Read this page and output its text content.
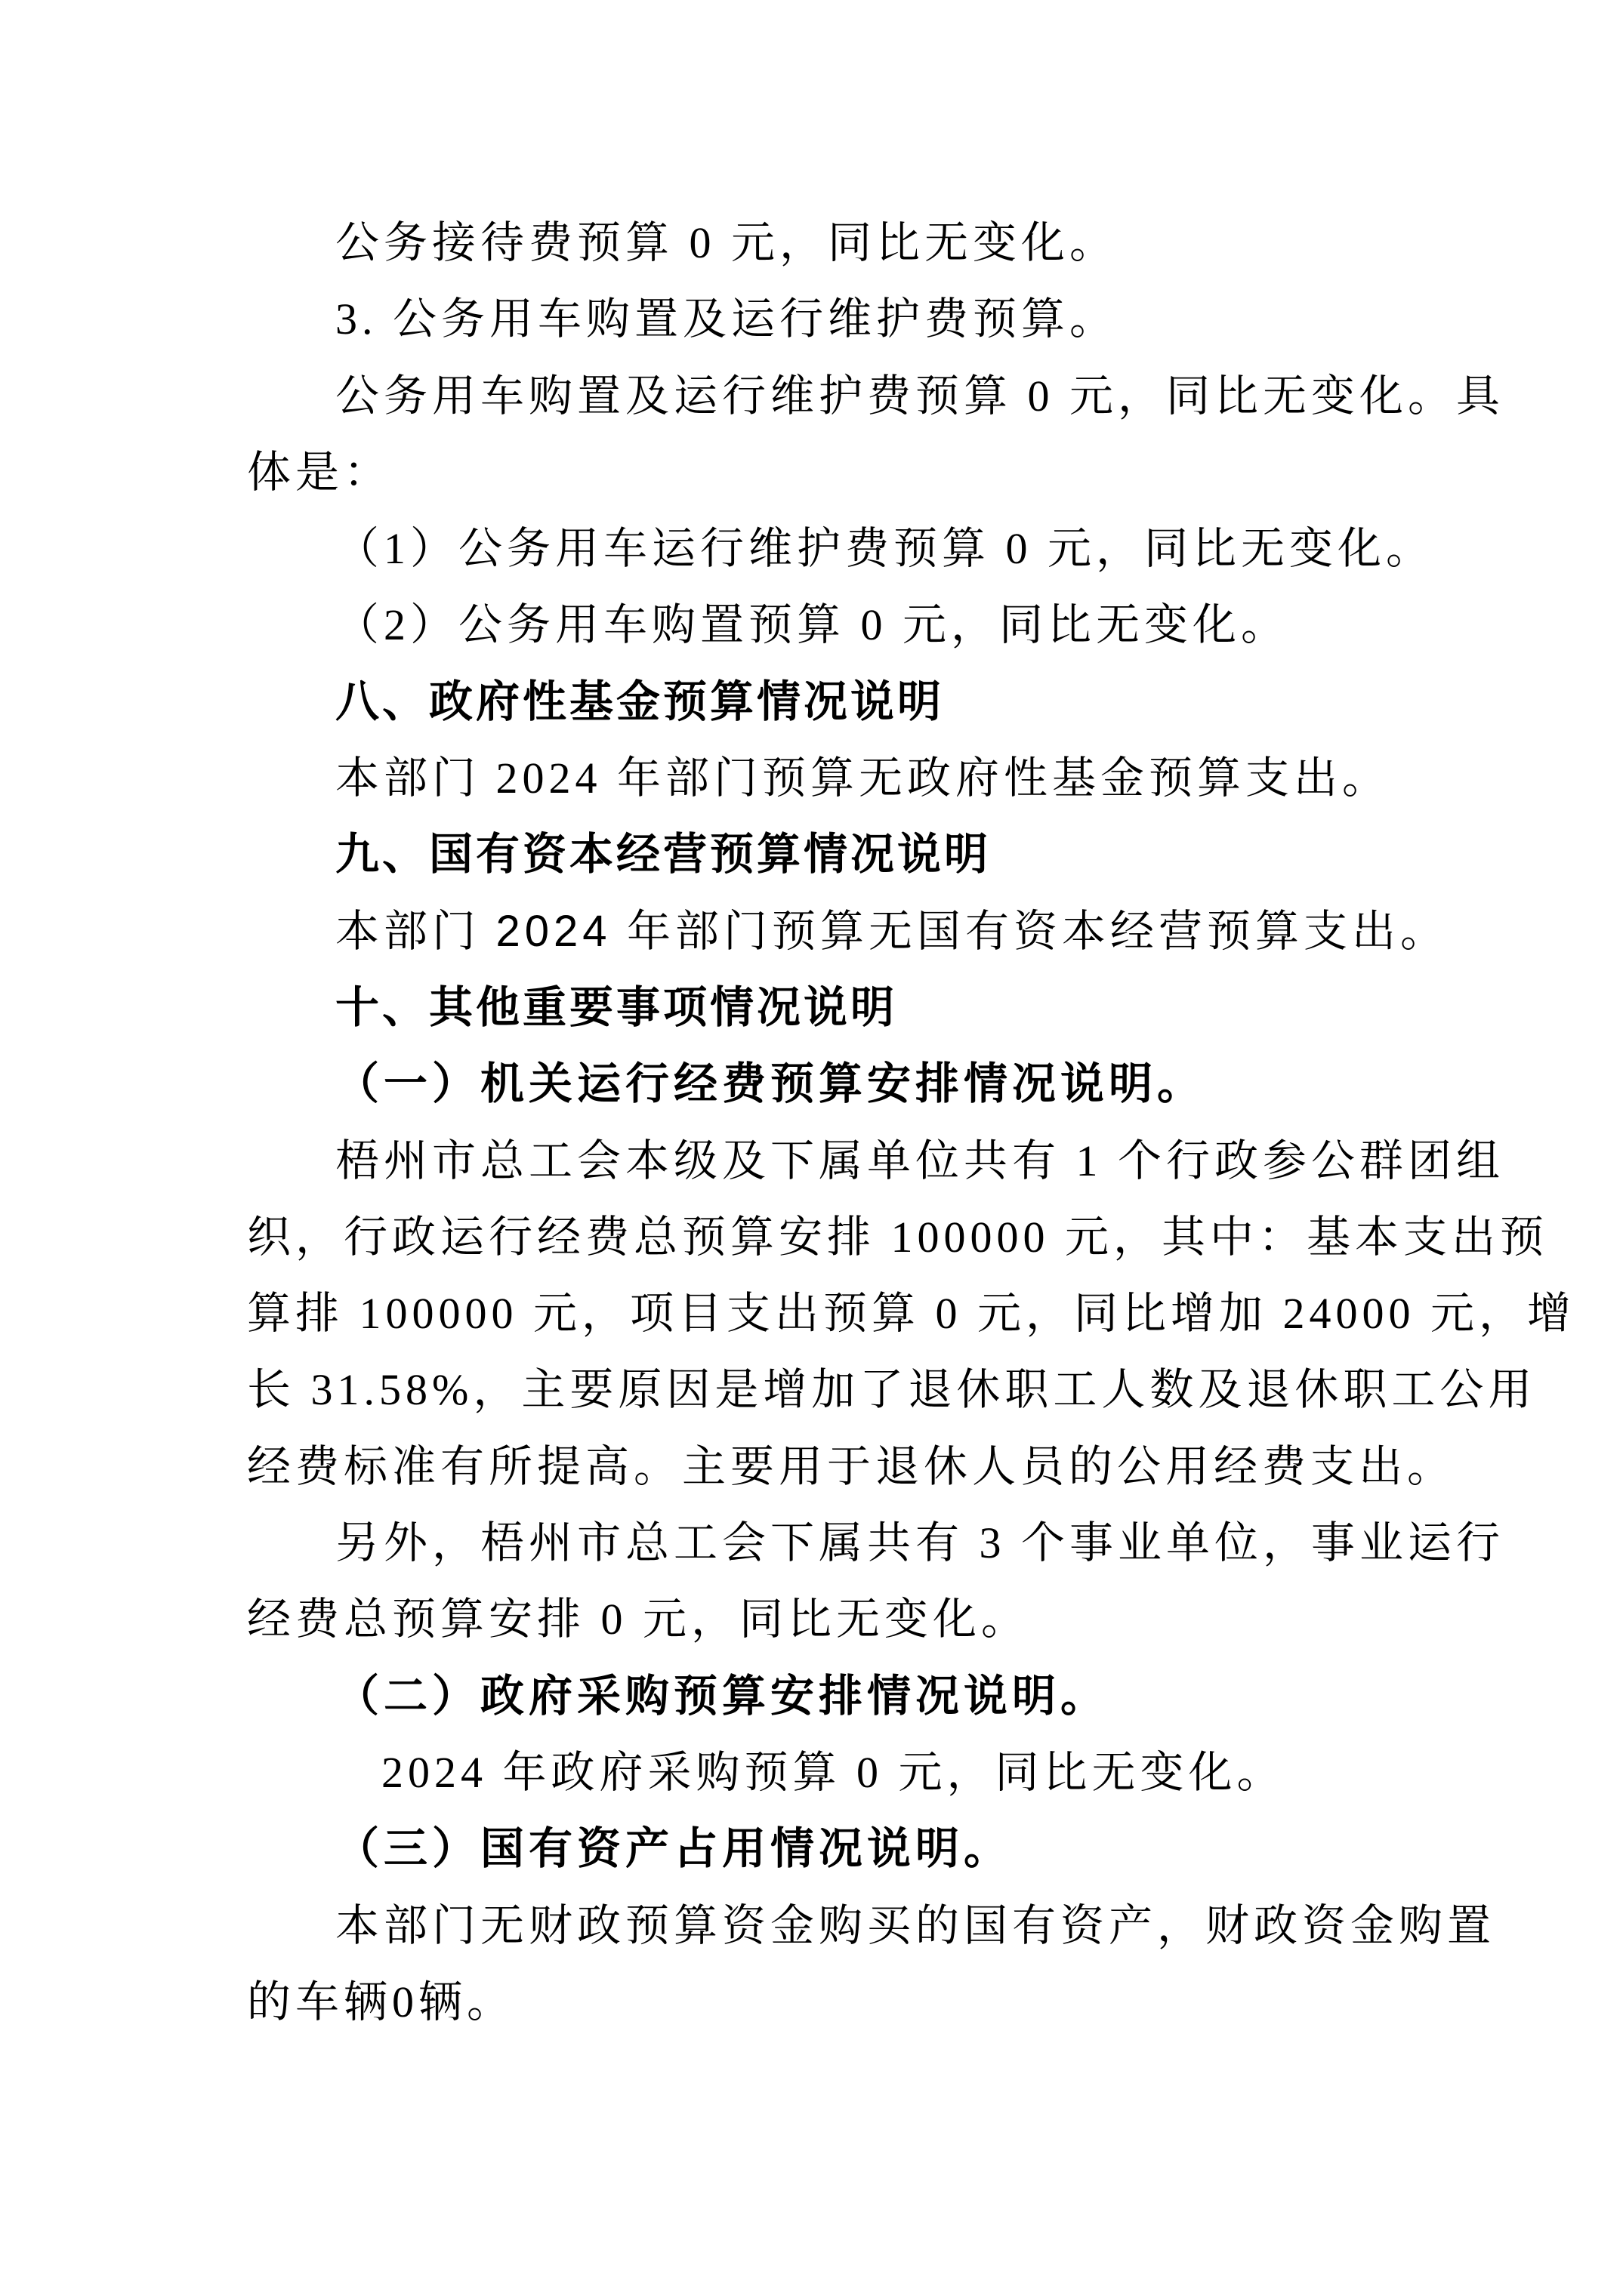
公务接待费预算 0 元，同比无变化。
3. 公务用车购置及运行维护费预算。
公务用车购置及运行维护费预算 0 元，同比无变化。具
体是：
（1）公务用车运行维护费预算 0 元，同比无变化。
（2）公务用车购置预算 0 元，同比无变化。
八、政府性基金预算情况说明
本部门 2024 年部门预算无政府性基金预算支出。
九、国有资本经营预算情况说明
本部门 2024 年部门预算无国有资本经营预算支出。
十、其他重要事项情况说明
（一）机关运行经费预算安排情况说明。
梧州市总工会本级及下属单位共有 1 个行政参公群团组
织，行政运行经费总预算安排 100000 元，其中：基本支出预
算排 100000 元，项目支出预算 0 元，同比增加 24000 元，增
长 31.58%，主要原因是增加了退休职工人数及退休职工公用
经费标准有所提高。主要用于退休人员的公用经费支出。
另外，梧州市总工会下属共有 3 个事业单位，事业运行
经费总预算安排 0 元，同比无变化。
（二）政府采购预算安排情况说明。
2024 年政府采购预算 0 元，同比无变化。
（三）国有资产占用情况说明。
本部门无财政预算资金购买的国有资产，财政资金购置
的车辆0辆。
